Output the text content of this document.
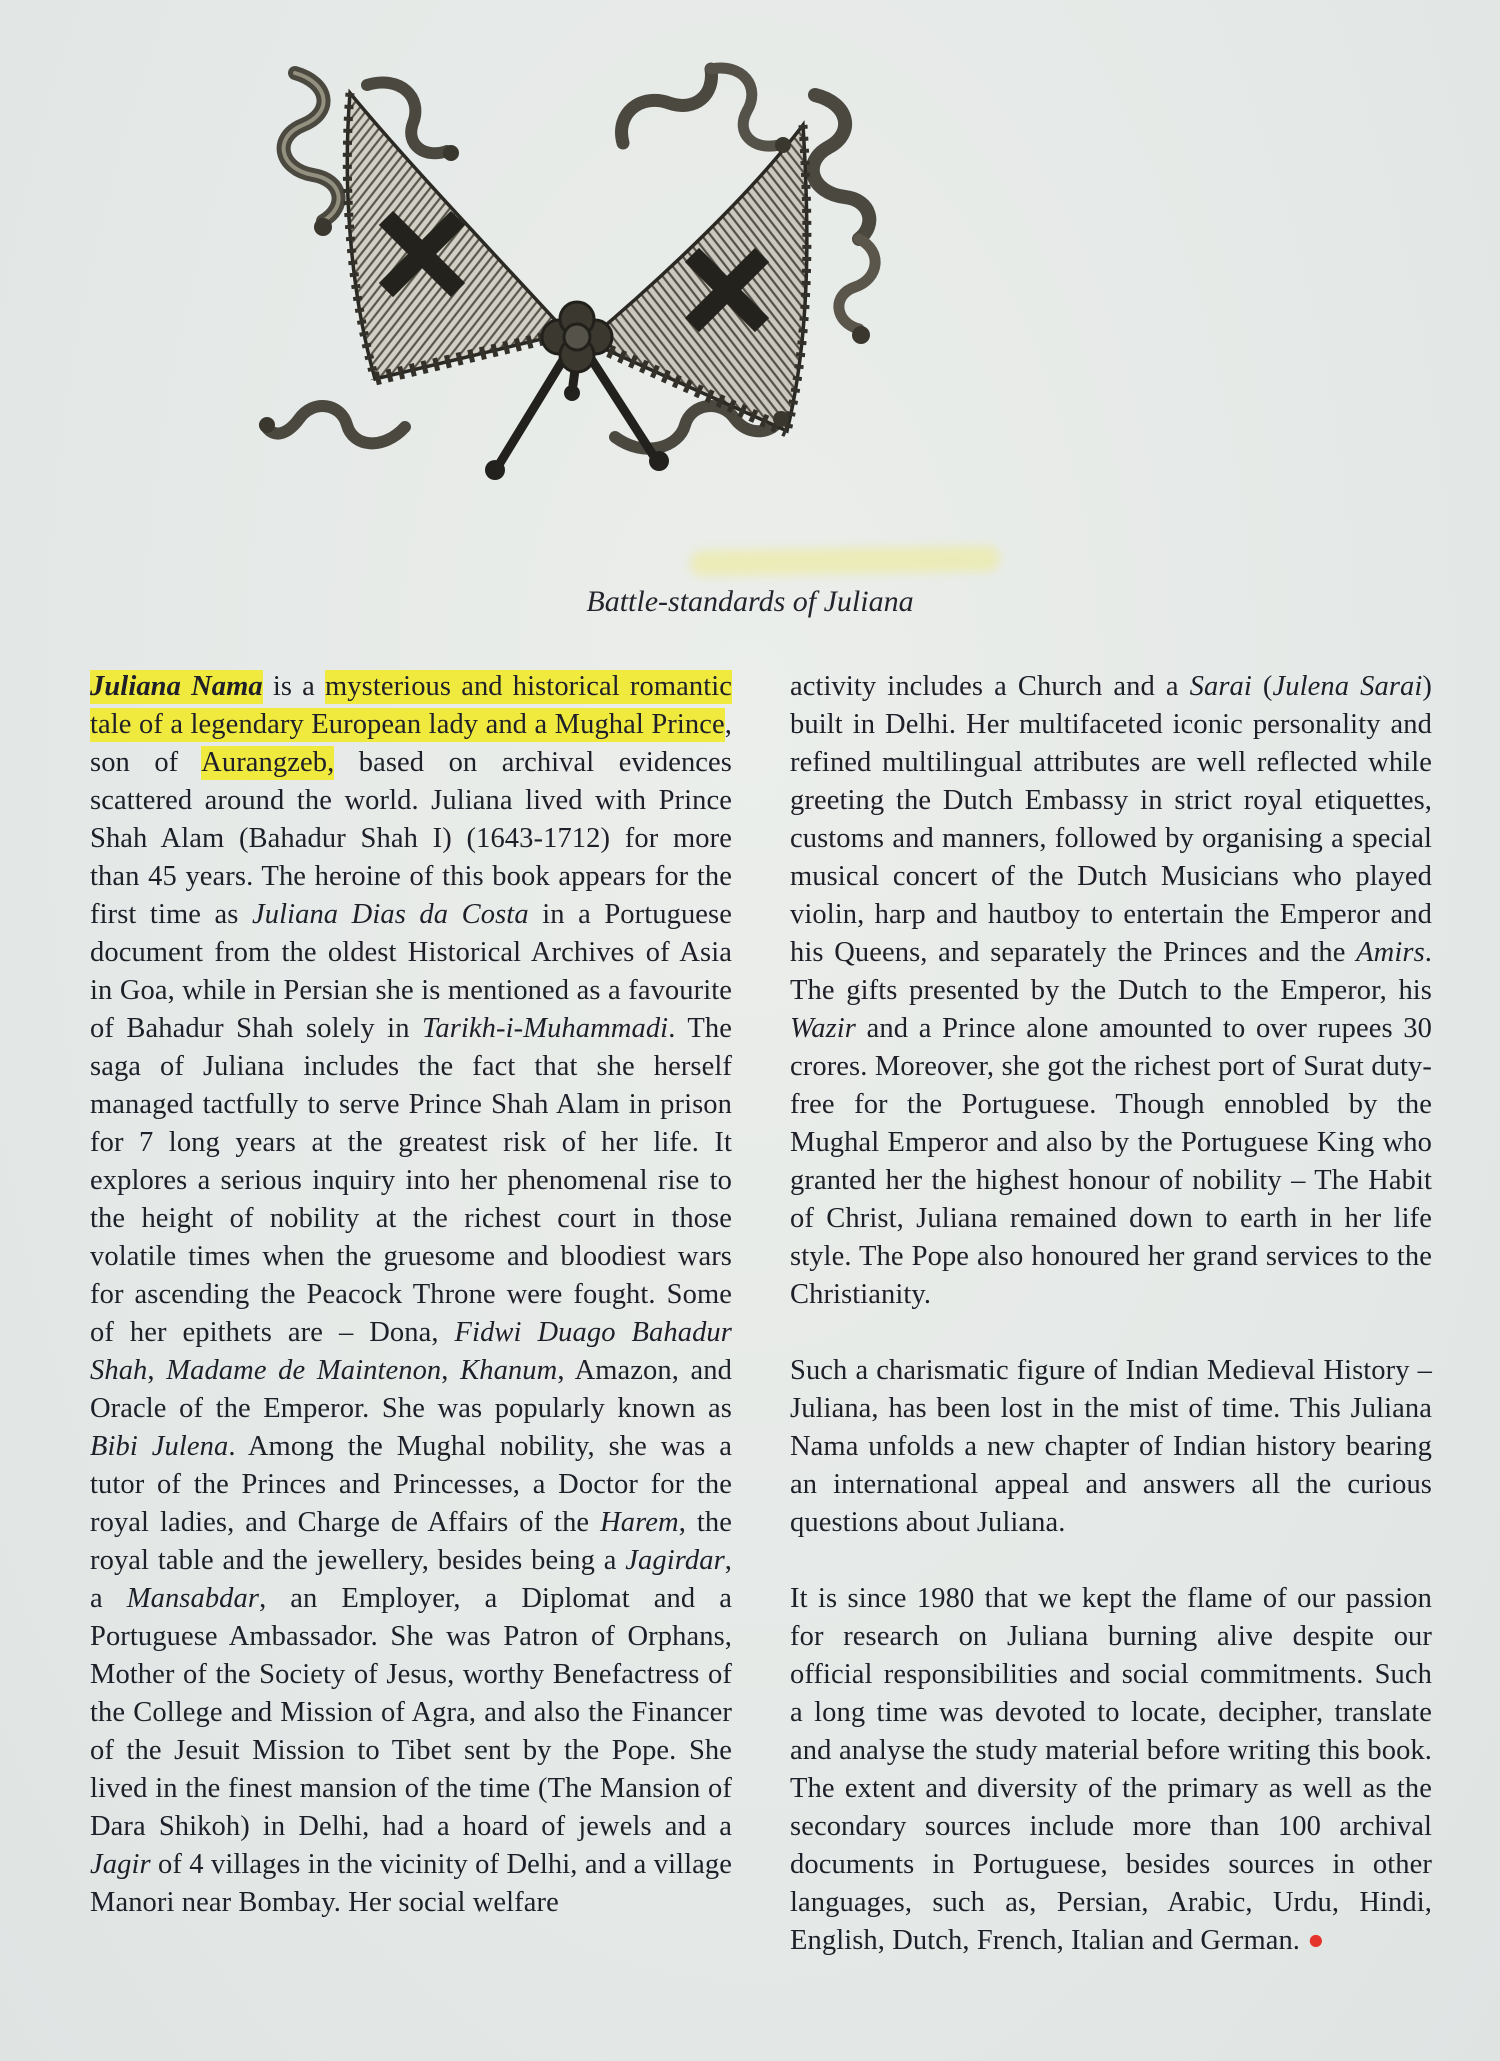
Battle-standards of Juliana

Juliana Nama is a mysterious and historical romantic tale of a legendary European lady and a Mughal Prince, son of Aurangzeb, based on archival evidences scattered around the world. Juliana lived with Prince Shah Alam (Bahadur Shah I) (1643-1712) for more than 45 years. The heroine of this book appears for the first time as Juliana Dias da Costa in a Portuguese document from the oldest Historical Archives of Asia in Goa, while in Persian she is mentioned as a favourite of Bahadur Shah solely in Tarikh-i-Muhammadi. The saga of Juliana includes the fact that she herself managed tactfully to serve Prince Shah Alam in prison for 7 long years at the greatest risk of her life. It explores a serious inquiry into her phenomenal rise to the height of nobility at the richest court in those volatile times when the gruesome and bloodiest wars for ascending the Peacock Throne were fought. Some of her epithets are – Dona, Fidwi Duago Bahadur Shah, Madame de Maintenon, Khanum, Amazon, and Oracle of the Emperor. She was popularly known as Bibi Julena. Among the Mughal nobility, she was a tutor of the Princes and Princesses, a Doctor for the royal ladies, and Charge de Affairs of the Harem, the royal table and the jewellery, besides being a Jagirdar, a Mansabdar, an Employer, a Diplomat and a Portuguese Ambassador. She was Patron of Orphans, Mother of the Society of Jesus, worthy Benefactress of the College and Mission of Agra, and also the Financer of the Jesuit Mission to Tibet sent by the Pope. She lived in the finest mansion of the time (The Mansion of Dara Shikoh) in Delhi, had a hoard of jewels and a Jagir of 4 villages in the vicinity of Delhi, and a village Manori near Bombay. Her social welfare

activity includes a Church and a Sarai (Julena Sarai) built in Delhi. Her multifaceted iconic personality and refined multilingual attributes are well reflected while greeting the Dutch Embassy in strict royal etiquettes, customs and manners, followed by organising a special musical concert of the Dutch Musicians who played violin, harp and hautboy to entertain the Emperor and his Queens, and separately the Princes and the Amirs. The gifts presented by the Dutch to the Emperor, his Wazir and a Prince alone amounted to over rupees 30 crores. Moreover, she got the richest port of Surat duty-free for the Portuguese. Though ennobled by the Mughal Emperor and also by the Portuguese King who granted her the highest honour of nobility – The Habit of Christ, Juliana remained down to earth in her life style. The Pope also honoured her grand services to the Christianity.

Such a charismatic figure of Indian Medieval History – Juliana, has been lost in the mist of time. This Juliana Nama unfolds a new chapter of Indian history bearing an international appeal and answers all the curious questions about Juliana.

It is since 1980 that we kept the flame of our passion for research on Juliana burning alive despite our official responsibilities and social commitments. Such a long time was devoted to locate, decipher, translate and analyse the study material before writing this book. The extent and diversity of the primary as well as the secondary sources include more than 100 archival documents in Portuguese, besides sources in other languages, such as, Persian, Arabic, Urdu, Hindi, English, Dutch, French, Italian and German. ●
